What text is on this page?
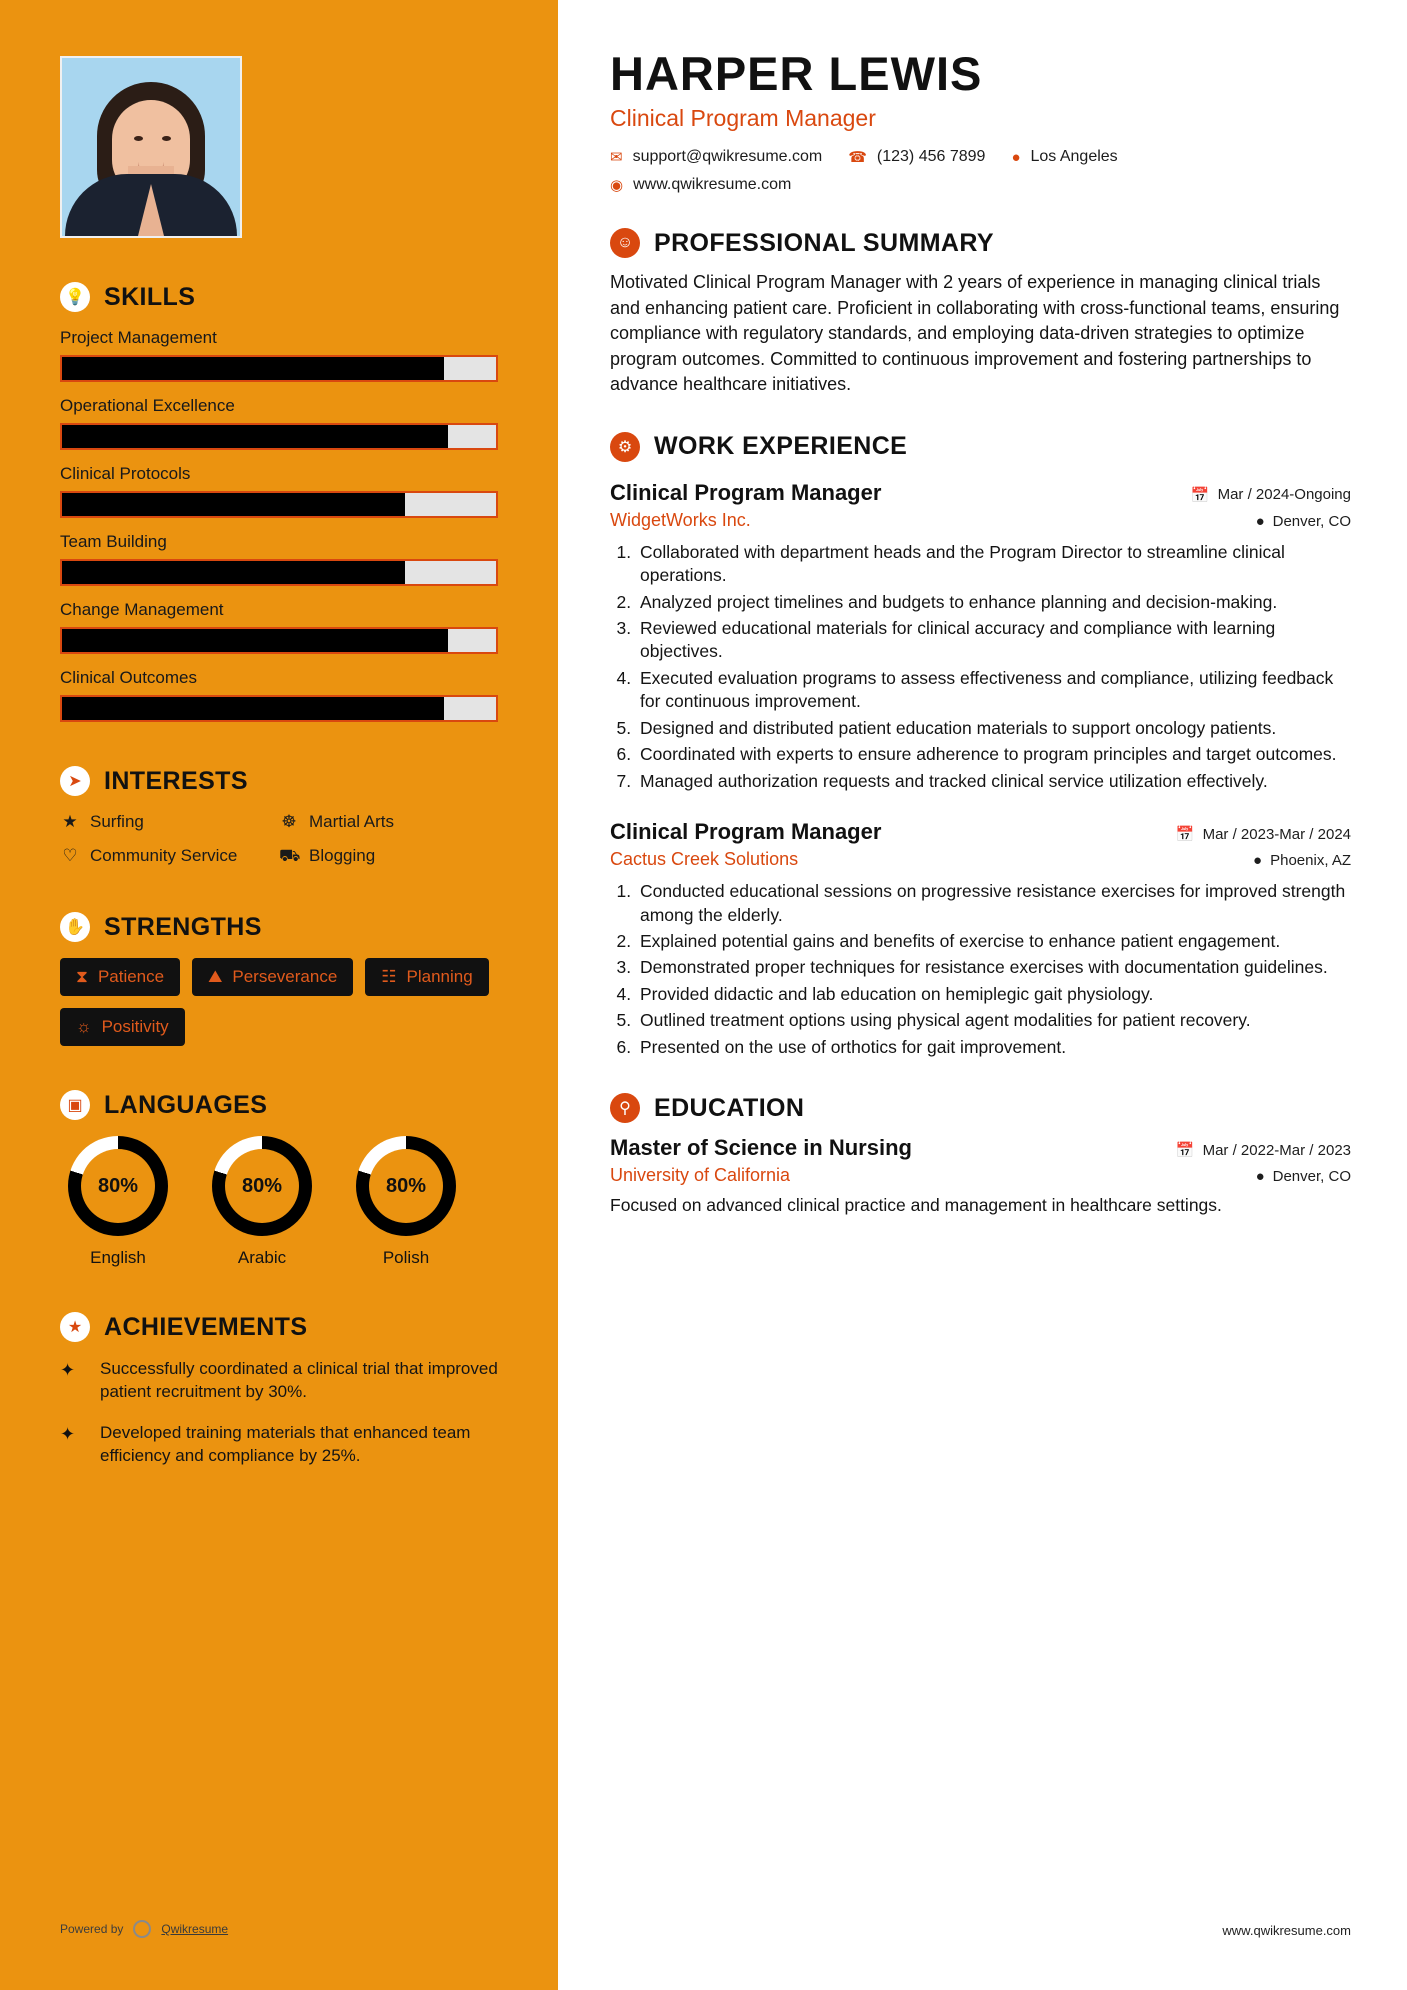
💡 SKILLS
Project Management
Operational Excellence
Clinical Protocols
Team Building
Change Management
Clinical Outcomes
➤ INTERESTS
★ Surfing	☸ Martial Arts
♡ Community Service ⛟ Blogging
✋ STRENGTHS
⧗ Patience	⛰ Perseverance	☷ Planning
☼ Positivity
▣ LANGUAGES
80%
English
80%
Arabic
80%
Polish
★ ACHIEVEMENTS
✦	Successfully coordinated a clinical trial that improved patient recruitment by 30%.

✦	Developed training materials that enhanced team efficiency and compliance by 25%.

Powered by	Qwikresume
HARPER LEWIS
Clinical Program Manager
✉ support@qwikresume.com ☎ (123) 456 7899 ● Los Angeles
◉ www.qwikresume.com
☺ PROFESSIONAL SUMMARY

Motivated Clinical Program Manager with 2 years of experience in managing clinical trials and enhancing patient care. Proficient in collaborating with cross-functional teams, ensuring compliance with regulatory standards, and employing data-driven strategies to optimize program outcomes. Committed to continuous improvement and fostering partnerships to advance healthcare initiatives.

⚙ WORK EXPERIENCE
Clinical Program Manager	📅 Mar / 2024-Ongoing
WidgetWorks Inc.	● Denver, CO
1. Collaborated with department heads and the Program Director to streamline clinical operations.
2. Analyzed project timelines and budgets to enhance planning and decision-making.
3. Reviewed educational materials for clinical accuracy and compliance with learning objectives.
4. Executed evaluation programs to assess effectiveness and compliance, utilizing feedback for continuous improvement.
5. Designed and distributed patient education materials to support oncology patients.
6. Coordinated with experts to ensure adherence to program principles and target outcomes.
7. Managed authorization requests and tracked clinical service utilization effectively.
Clinical Program Manager	📅 Mar / 2023-Mar / 2024
Cactus Creek Solutions	● Phoenix, AZ
1. Conducted educational sessions on progressive resistance exercises for improved strength among the elderly.
2. Explained potential gains and benefits of exercise to enhance patient engagement.
3. Demonstrated proper techniques for resistance exercises with documentation guidelines.
4. Provided didactic and lab education on hemiplegic gait physiology.
5. Outlined treatment options using physical agent modalities for patient recovery.
6. Presented on the use of orthotics for gait improvement.
⚲ EDUCATION
Master of Science in Nursing	📅 Mar / 2022-Mar / 2023
University of California	● Denver, CO

Focused on advanced clinical practice and management in healthcare settings.

www.qwikresume.com
